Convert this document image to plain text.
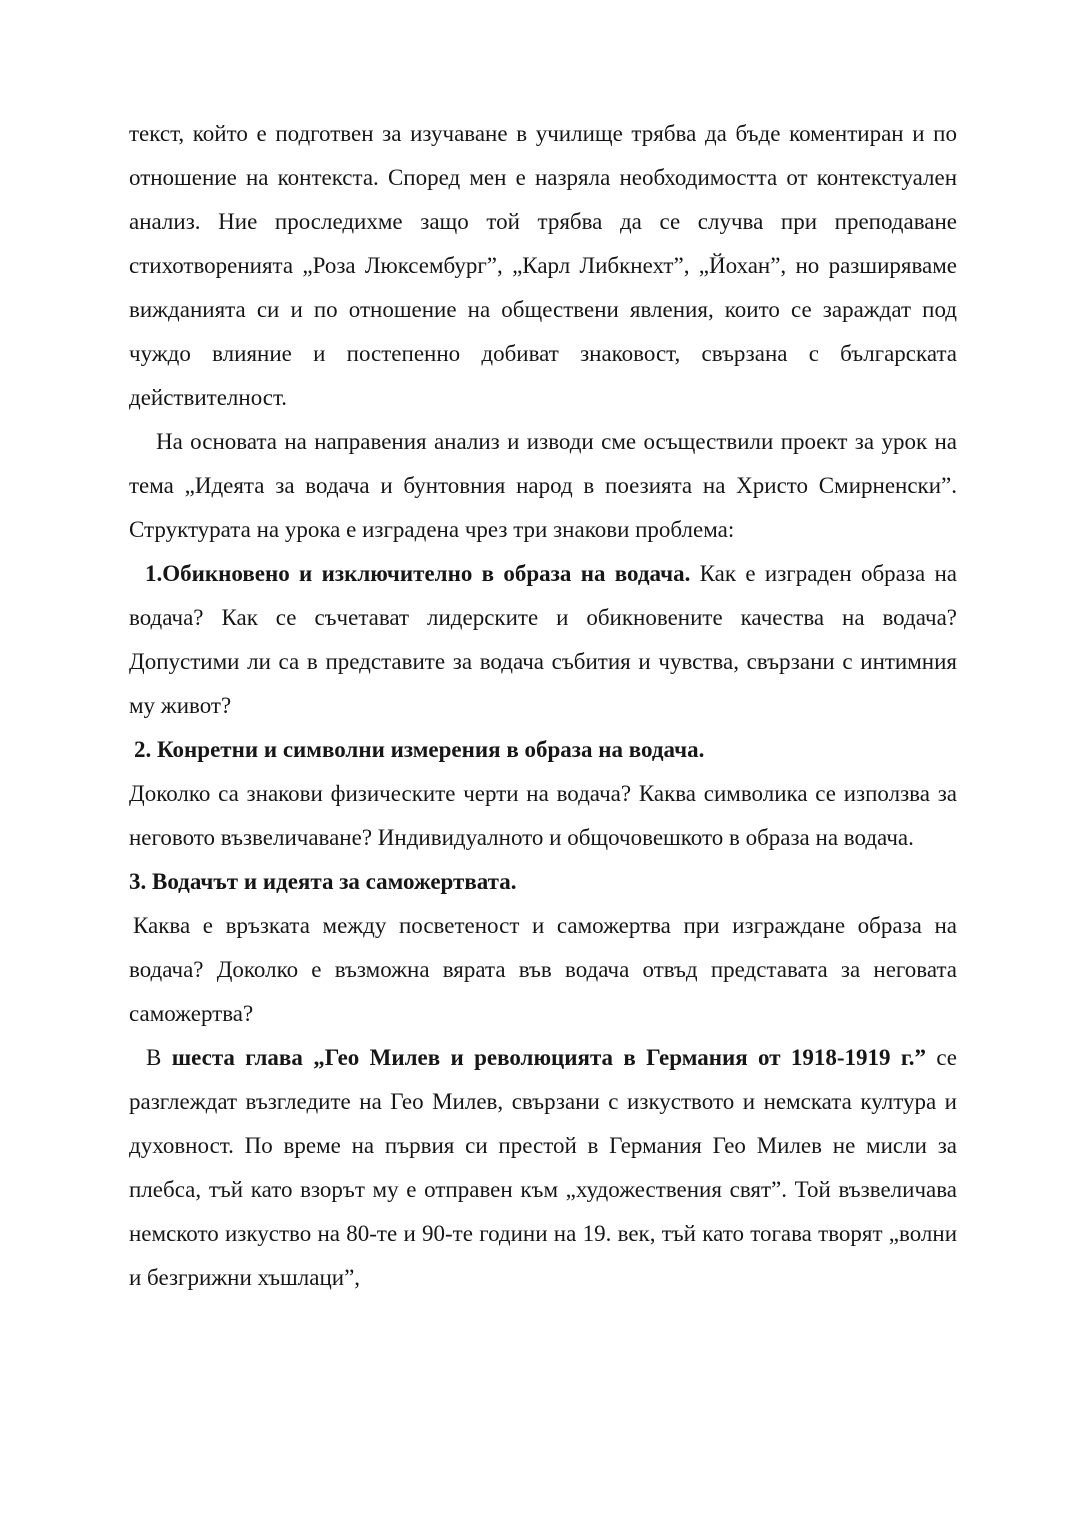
текст, който е подготвен за изучаване в училище трябва да бъде коментиран и по отношение на контекста. Според мен е назряла необходимостта от контекстуален анализ. Ние проследихме защо той трябва да се случва при преподаване стихотворенията „Роза Люксембург”, „Карл Либкнехт”, „Йохан”, но разширяваме вижданията си и по отношение на обществени явления, които се зараждат под чуждо влияние и постепенно добиват знаковост, свързана с българската действителност.

На основата на направения анализ и изводи сме осъществили проект за урок на тема „Идеята за водача и бунтовния народ в поезията на Христо Смирненски”. Структурата на урока е изградена чрез три знакови проблема:

1.Обикновено и изключително в образа на водача. Как е изграден образа на водача? Как се съчетават лидерските и обикновените качества на водача? Допустими ли са в представите за водача събития и чувства, свързани с интимния му живот?

2. Конретни и символни измерения в образа на водача.

Доколко са знакови физическите черти на водача? Каква символика се използва за неговото възвеличаване? Индивидуалното и общочовешкото в образа на водача.

3. Водачът и идеята за саможертвата.

Каква е връзката между посветеност и саможертва при изграждане образа на водача? Доколко е възможна вярата във водача отвъд представата за неговата саможертва?

В шеста глава „Гео Милев и революцията в Германия от 1918-1919 г.” се разглеждат възгледите на Гео Милев, свързани с изкуството и немската култура и духовност. По време на първия си престой в Германия Гео Милев не мисли за плебса, тъй като взорът му е отправен към „художествения свят”. Той възвеличава немското изкуство на 80-те и 90-те години на 19. век, тъй като тогава творят „волни и безгрижни хъшлаци”,
